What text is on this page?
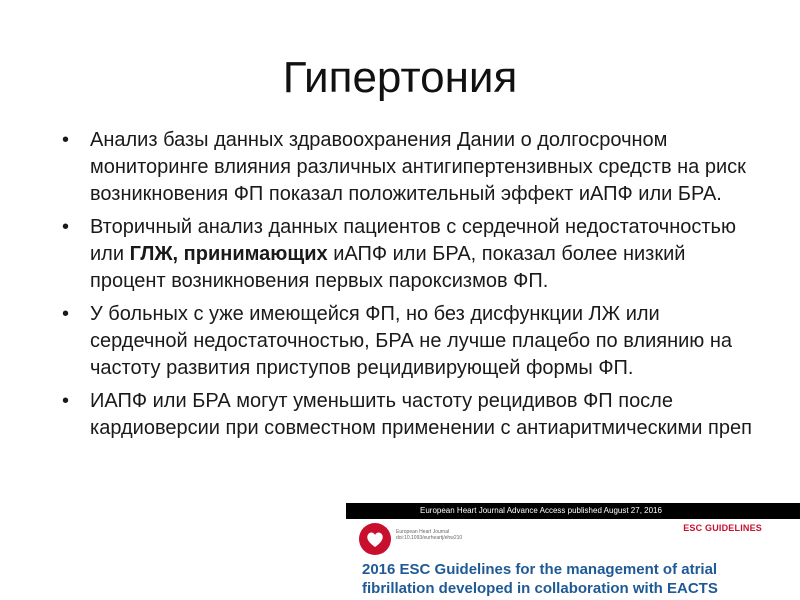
Гипертония
• Анализ базы данных здравоохранения Дании о долгосрочном мониторинге влияния различных антигипертензивных средств на риск возникновения ФП показал положительный эффект иАПФ или БРА.
• Вторичный анализ данных пациентов с сердечной недостаточностью или ГЛЖ, принимающих иАПФ или БРА, показал более низкий процент возникновения первых пароксизмов ФП.
• У больных с уже имеющейся ФП, но без дисфункции ЛЖ или сердечной недостаточностью, БРА не лучше плацебо по влиянию на частоту развития приступов рецидивирующей формы ФП.
• ИАПФ или БРА могут уменьшить частоту рецидивов ФП после кардиоверсии при совместном применении с антиаритмическими преп
European Heart Journal Advance Access published August 27, 2016
European Heart Journal doi:10.1093/eurheartj/ehw210
ESC GUIDELINES
2016 ESC Guidelines for the management of atrial
fibrillation developed in collaboration with EACTS
